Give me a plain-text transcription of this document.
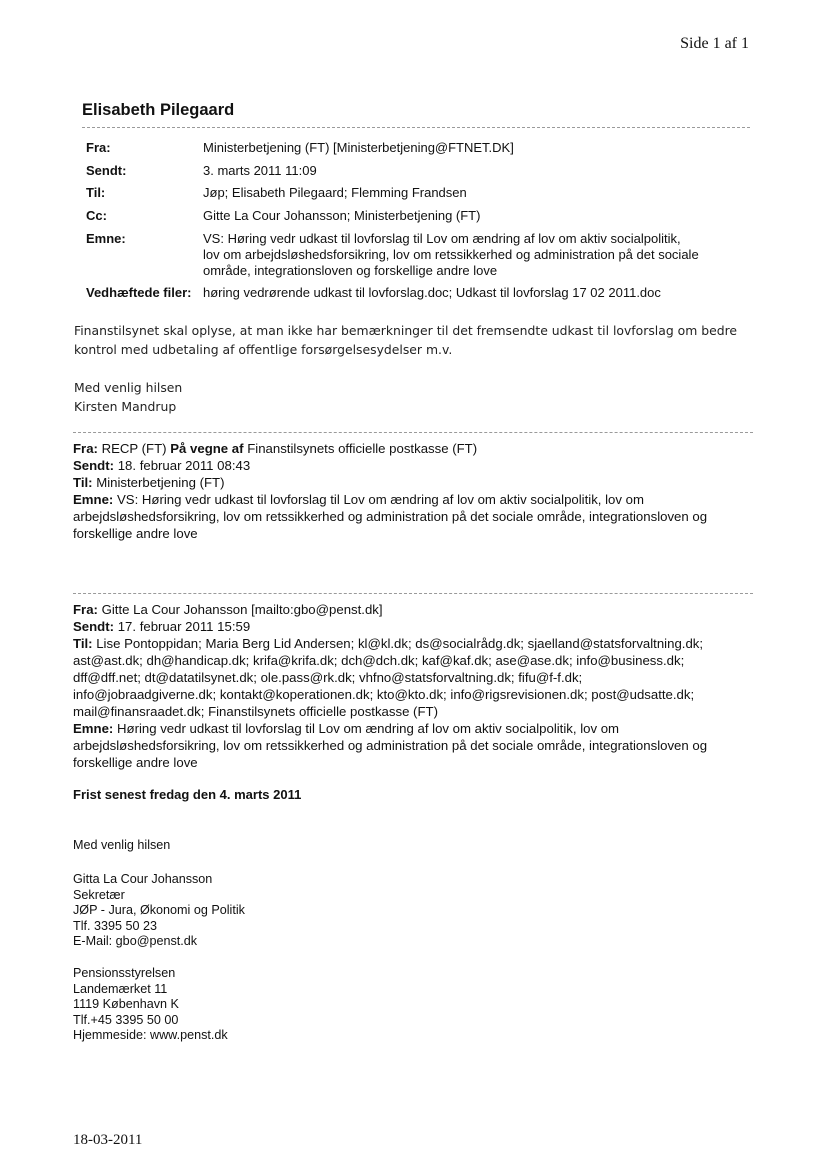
Side 1 af 1
Elisabeth Pilegaard
Fra:	Ministerbetjening (FT) [Ministerbetjening@FTNET.DK]
Sendt:	3. marts 2011 11:09
Til:	Jøp; Elisabeth Pilegaard; Flemming Frandsen
Cc:	Gitte La Cour Johansson; Ministerbetjening (FT)
Emne:	VS: Høring vedr udkast til lovforslag til Lov om ændring af lov om aktiv socialpolitik,
lov om arbejdsløshedsforsikring, lov om retssikkerhed og administration på det sociale
område, integrationsloven og forskellige andre love
Vedhæftede filer: høring vedrørende udkast til lovforslag.doc; Udkast til lovforslag 17 02 2011.doc
Finanstilsynet skal oplyse, at man ikke har bemærkninger til det fremsendte udkast til lovforslag om bedre
kontrol med udbetaling af offentlige forsørgelsesydelser m.v.
Med venlig hilsen
Kirsten Mandrup
Fra: RECP (FT) På vegne af Finanstilsynets officielle postkasse (FT)
Sendt: 18. februar 2011 08:43
Til: Ministerbetjening (FT)
Emne: VS: Høring vedr udkast til lovforslag til Lov om ændring af lov om aktiv socialpolitik, lov om
arbejdsløshedsforsikring, lov om retssikkerhed og administration på det sociale område, integrationsloven og
forskellige andre love
Fra: Gitte La Cour Johansson [mailto:gbo@penst.dk]
Sendt: 17. februar 2011 15:59
Til: Lise Pontoppidan; Maria Berg Lid Andersen; kl@kl.dk; ds@socialrådg.dk; sjaelland@statsforvaltning.dk;
ast@ast.dk; dh@handicap.dk; krifa@krifa.dk; dch@dch.dk; kaf@kaf.dk; ase@ase.dk; info@business.dk;
dff@dff.net; dt@datatilsynet.dk; ole.pass@rk.dk; vhfno@statsforvaltning.dk; fifu@f-f.dk;
info@jobraadgiverne.dk; kontakt@koperationen.dk; kto@kto.dk; info@rigsrevisionen.dk; post@udsatte.dk;
mail@finansraadet.dk; Finanstilsynets officielle postkasse (FT)
Emne: Høring vedr udkast til lovforslag til Lov om ændring af lov om aktiv socialpolitik, lov om
arbejdsløshedsforsikring, lov om retssikkerhed og administration på det sociale område, integrationsloven og
forskellige andre love
Frist senest fredag den 4. marts 2011
Med venlig hilsen
Gitta La Cour Johansson
Sekretær
JØP - Jura, Økonomi og Politik
Tlf. 3395 50 23
E-Mail: gbo@penst.dk
Pensionsstyrelsen
Landemærket 11
1119 København K
Tlf.+45 3395 50 00
Hjemmeside: www.penst.dk
18-03-2011
